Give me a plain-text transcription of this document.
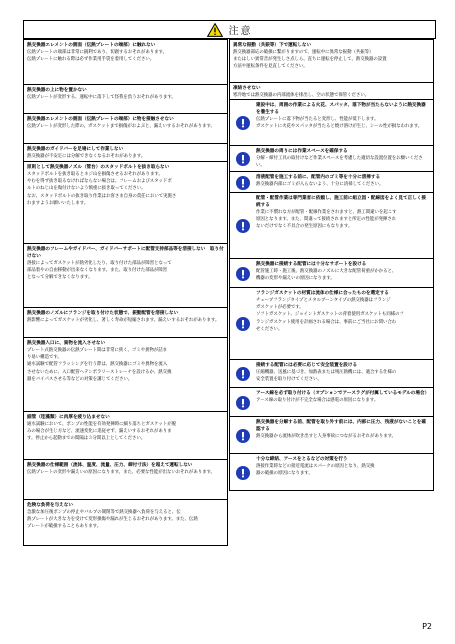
注意
熱交換器エレメントの側面（伝熱プレートの端部）に触れない
伝熱プレートの端部は非常に鋭利であり、切創するおそれがあります。
伝熱プレートに触れる際は必ず作業用手袋を着用してください。
熱交換器の上に物を置かない
伝熱プレートが変形する、運転中に落下して怪我を負うおそれがあります。
熱交換器エレメントの側面（伝熱プレートの端部）に物を接触させない
伝熱プレートが変形した際の、ガスケットまで損傷がおよぶと、漏えいするおそれがあります。
熱交換器のガイドバーを足場にして作業しない
熱交換器が不安定には分解できなくなるおそれがあります。
原則として熱交換器ノズル（管台）のスタッドボルトを抜き取らない
スタッドボルトを抜き取るとネジ山を損傷させるおそれがあります。
やむを得ず抜き取るなければならない場合は、フレームおよびスタッドボ
ルトのねじ山を傷付けないよう慎重に抜き取ってください。
なお、スタッドボルトの抜き取り作業はお客さま自身の責任において実施さ
れますようお願いいたします。
熱交換器のフレームやガイドバー、ガイドバーサポートに配管支持部品等を溶接しない　取り付けない
溶接によってガスケットが熱劣化したり、取り付けた部品が障害となって
部品着やの自由移動が出来なくなります。また、取り付けた部品が障害
となって分解できなくなります。
熱交換器のノズルにフランジを取り付けた状態で、振動配管を溶接しない
熱影響によってガスケットが劣化し、著しく寿命が短縮されます。漏えいするおそれがあります。
熱交換器入口に、異物を流入させない
プレート式熱交換器の伝熱プレート間は非常に狭く、ゴミや異物が詰ま
り易い構造です。
通水試験で配管フラッシングを行う際は、熱交換器にゴミや異物を流入
させないために、入口配管へテンポラリーストレーナを設けるか、熱交換
器をバイパスさせる等などの対策を講じてください。
細管（珪藻類）に肉厚を疲り込ませない
通水試験において、ポンプの性能を有効発揮時に細り落ちとガスケットが脱
みの場合が生じ方など、流速変化に追従せず、漏えいするおそれがありま
す。停止から起動までの間隔は３分間以上としてください。
熱交換器の仕様範囲（流体、温度、流量、圧力、締付寸法）を超えて運転しない
伝熱プレートの変形や漏えいの原因になります。また、必要な性能が出ないおそれがあります。
危険な負荷を与えない
急激な加圧後ポンプの停止やバルブの開閉等で熱交換器へ負荷を与えると、伝
熱プレートが大きな力を受けて変形損傷や漏れが生じるおそれがあります。また、伝熱
プレートが破損することもあります。
異常な振動（共振等）下で運転しない
熱交換器部応の破損に繋がりますので、運転中に異常な振動（共振等）
またはしい異常音が発生しさ点しら、直ちに運転を停止して、熱交換器の設置
方法や運転条件を見直してください。
凍結させない
寒冷地では熱交換器の内部流体を排出し、空の状態で保管ください。
建設中は、周囲の作業による火花、スパッタ、落下物が当たらないように熱交換器を養生する
伝熱プレートに落下物が当たると変形し、性能が低下します。
ガスケットに火花やスパッタが当たると焼け溶けが生じ、シール性が損なわれます。
熱交換器の周りには作業スペースを確保する
分解・締付工具の取付けなど作業スペースを考慮した適切な設置位置をお願いください。
溶液配管を施工する前に、配管内のゴミ等を十分に清掃する
熱交換器内部にゴミが入らないよう、十分に清掃してください。
配管・配管作業は専門業者に依頼し、施工前に組立図・配線図をよく見て正しく接続する
作業に不慣れな方が配管・配線作業をされますと、熱工間違いを起こす
原因となります。また、間違って接続されますと所定の性能が発揮され
ないだけでなく不具合の発生原因にもなります。
熱交換器に接続する配管には十分なサポートを設ける
配管施工時・施工後、熱交換器のノズルに大きな配管荷重がかかると、
機器の変形や漏えいの原因になります。
フランジガスケットの材質は流体の仕様に合ったものを選定する
チューブフランジタイプとメタルブーンタイプの熱交換器はフランジ
ガスケットが必要です。
ソフトガスケット、ジョイントガスケットの背着使用ガスケットも同様のフ
ランジガスケット使用を計画される場合は、事前にご当社にお問い合わ
せください。
接続する配管には必要に応じて安全装置を設ける
圧縮機器、送風に基づき、加熱表または残圧熱機には、適合する仕様の
安全装置を取り付けてください。
アース線を必ず取り付ける（オプションでアースラグが付属しているモデルの場合）
アース線の取り付けが不完全な場合は感電の原因になります。
熱交換器を分解する前、配管を取り外す前には、内部に圧力、残液がないことを確認する
熱交換器から流体が吹き出すと人身事故につながるおそれがあります。
十分な締結、アースをとるなどの対策を行う
溶接作業時などの接近電流はスパークの原因となり、熱交換
器の破損の原因になります。
P2
